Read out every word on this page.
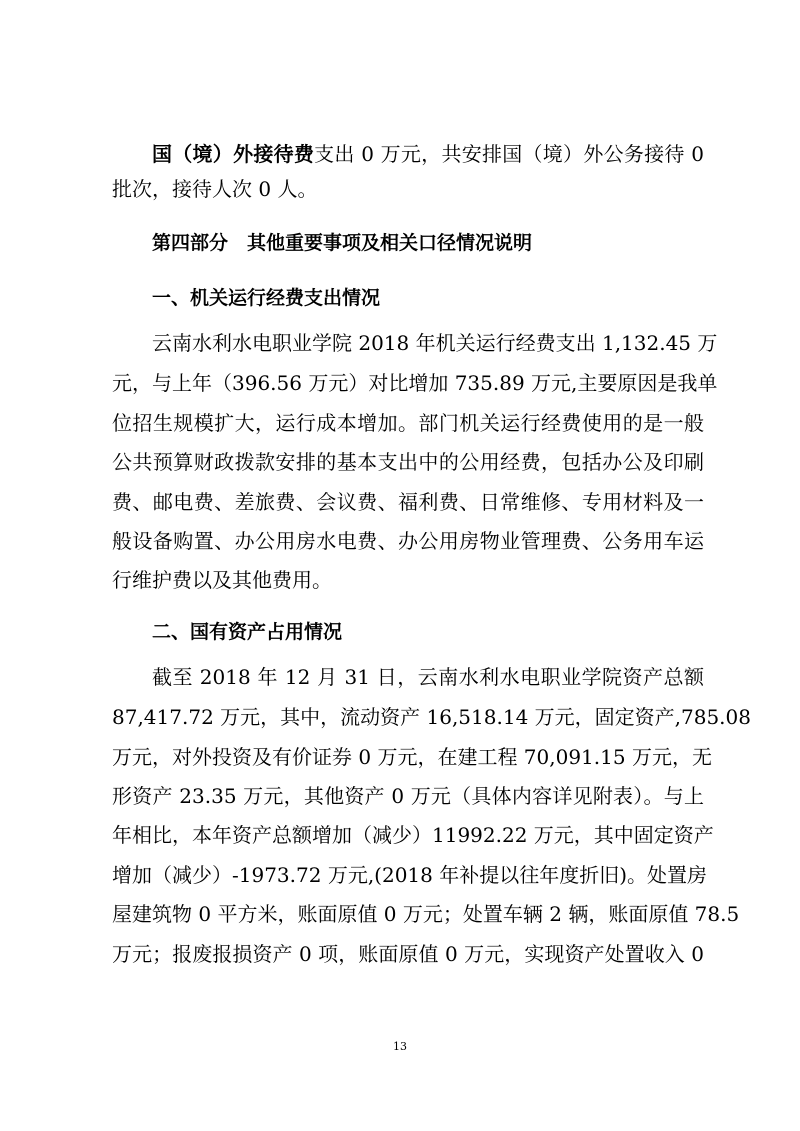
国（境）外接待费支出 0 万元，共安排国（境）外公务接待 0
批次，接待人次 0 人。
第四部分　其他重要事项及相关口径情况说明
一、机关运行经费支出情况
云南水利水电职业学院 2018 年机关运行经费支出 1,132.45 万
元，与上年（396.56 万元）对比增加 735.89 万元,主要原因是我单
位招生规模扩大，运行成本增加。部门机关运行经费使用的是一般
公共预算财政拨款安排的基本支出中的公用经费，包括办公及印刷
费、邮电费、差旅费、会议费、福利费、日常维修、专用材料及一
般设备购置、办公用房水电费、办公用房物业管理费、公务用车运
行维护费以及其他费用。
二、国有资产占用情况
截至 2018 年 12 月 31 日，云南水利水电职业学院资产总额
87,417.72 万元，其中，流动资产 16,518.14 万元，固定资产,785.08
万元，对外投资及有价证券 0 万元，在建工程 70,091.15 万元，无
形资产 23.35 万元，其他资产 0 万元（具体内容详见附表）。与上
年相比，本年资产总额增加（减少）11992.22 万元，其中固定资产
增加（减少）-1973.72 万元,(2018 年补提以往年度折旧)。处置房
屋建筑物 0 平方米，账面原值 0 万元；处置车辆 2 辆，账面原值 78.5
万元；报废报损资产 0 项，账面原值 0 万元，实现资产处置收入 0
13
